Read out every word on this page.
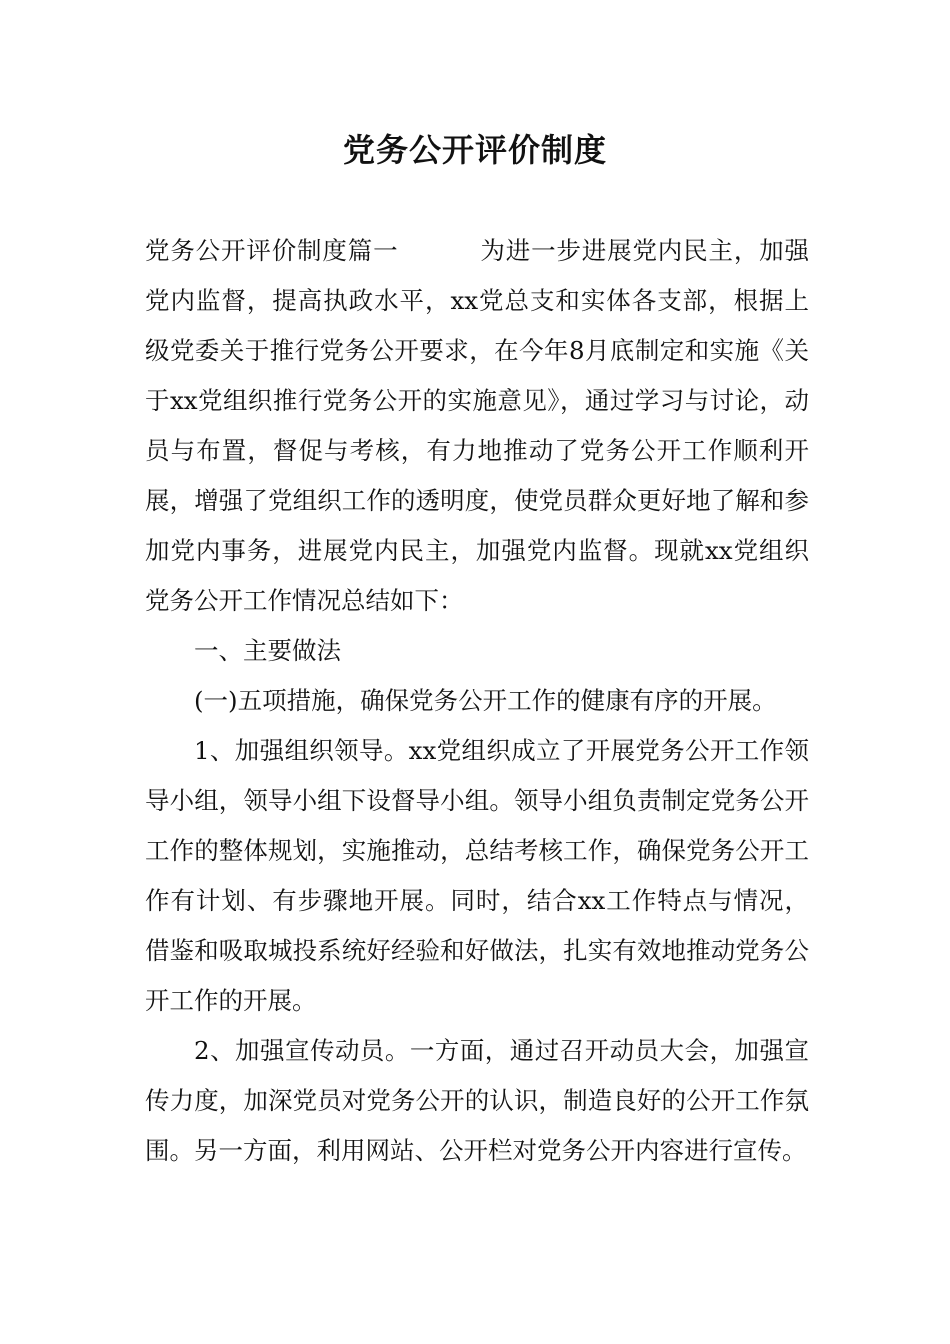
党务公开评价制度

党务公开评价制度篇一	为进一步进展党内民主，加强党内监督，提高执政水平，xx党总支和实体各支部，根据上级党委关于推行党务公开要求，在今年8月底制定和实施《关于xx党组织推行党务公开的实施意见》，通过学习与讨论，动员与布置，督促与考核，有力地推动了党务公开工作顺利开展，增强了党组织工作的透明度，使党员群众更好地了解和参加党内事务，进展党内民主，加强党内监督。现就xx党组织党务公开工作情况总结如下：

一、主要做法

(一)五项措施，确保党务公开工作的健康有序的开展。

1、加强组织领导。xx党组织成立了开展党务公开工作领导小组，领导小组下设督导小组。领导小组负责制定党务公开工作的整体规划，实施推动，总结考核工作，确保党务公开工作有计划、有步骤地开展。同时，结合xx工作特点与情况，借鉴和吸取城投系统好经验和好做法，扎实有效地推动党务公开工作的开展。

2、加强宣传动员。一方面，通过召开动员大会，加强宣传力度，加深党员对党务公开的认识，制造良好的公开工作氛围。另一方面，利用网站、公开栏对党务公开内容进行宣传。
